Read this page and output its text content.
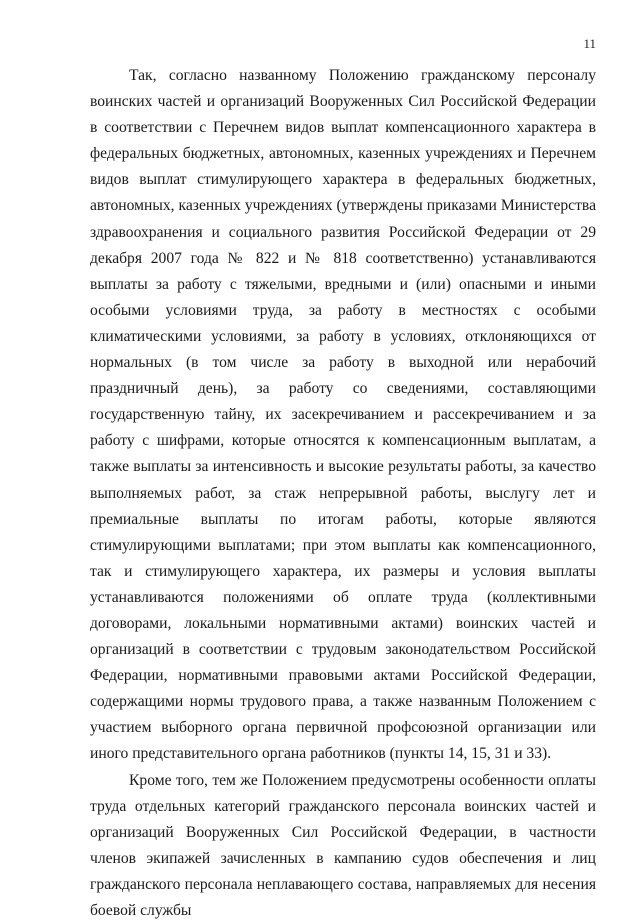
11

Так, согласно названному Положению гражданскому персоналу воинских частей и организаций Вооруженных Сил Российской Федерации в соответствии с Перечнем видов выплат компенсационного характера в федеральных бюджетных, автономных, казенных учреждениях и Перечнем видов выплат стимулирующего характера в федеральных бюджетных, автономных, казенных учреждениях (утверждены приказами Министерства здравоохранения и социального развития Российской Федерации от 29 декабря 2007 года № 822 и № 818 соответственно) устанавливаются выплаты за работу с тяжелыми, вредными и (или) опасными и иными особыми условиями труда, за работу в местностях с особыми климатическими условиями, за работу в условиях, отклоняющихся от нормальных (в том числе за работу в выходной или нерабочий праздничный день), за работу со сведениями, составляющими государственную тайну, их засекречиванием и рассекречиванием и за работу с шифрами, которые относятся к компенсационным выплатам, а также выплаты за интенсивность и высокие результаты работы, за качество выполняемых работ, за стаж непрерывной работы, выслугу лет и премиальные выплаты по итогам работы, которые являются стимулирующими выплатами; при этом выплаты как компенсационного, так и стимулирующего характера, их размеры и условия выплаты устанавливаются положениями об оплате труда (коллективными договорами, локальными нормативными актами) воинских частей и организаций в соответствии с трудовым законодательством Российской Федерации, нормативными правовыми актами Российской Федерации, содержащими нормы трудового права, а также названным Положением с участием выборного органа первичной профсоюзной организации или иного представительного органа работников (пункты 14, 15, 31 и 33).

Кроме того, тем же Положением предусмотрены особенности оплаты труда отдельных категорий гражданского персонала воинских частей и организаций Вооруженных Сил Российской Федерации, в частности членов экипажей зачисленных в кампанию судов обеспечения и лиц гражданского персонала неплавающего состава, направляемых для несения боевой службы
